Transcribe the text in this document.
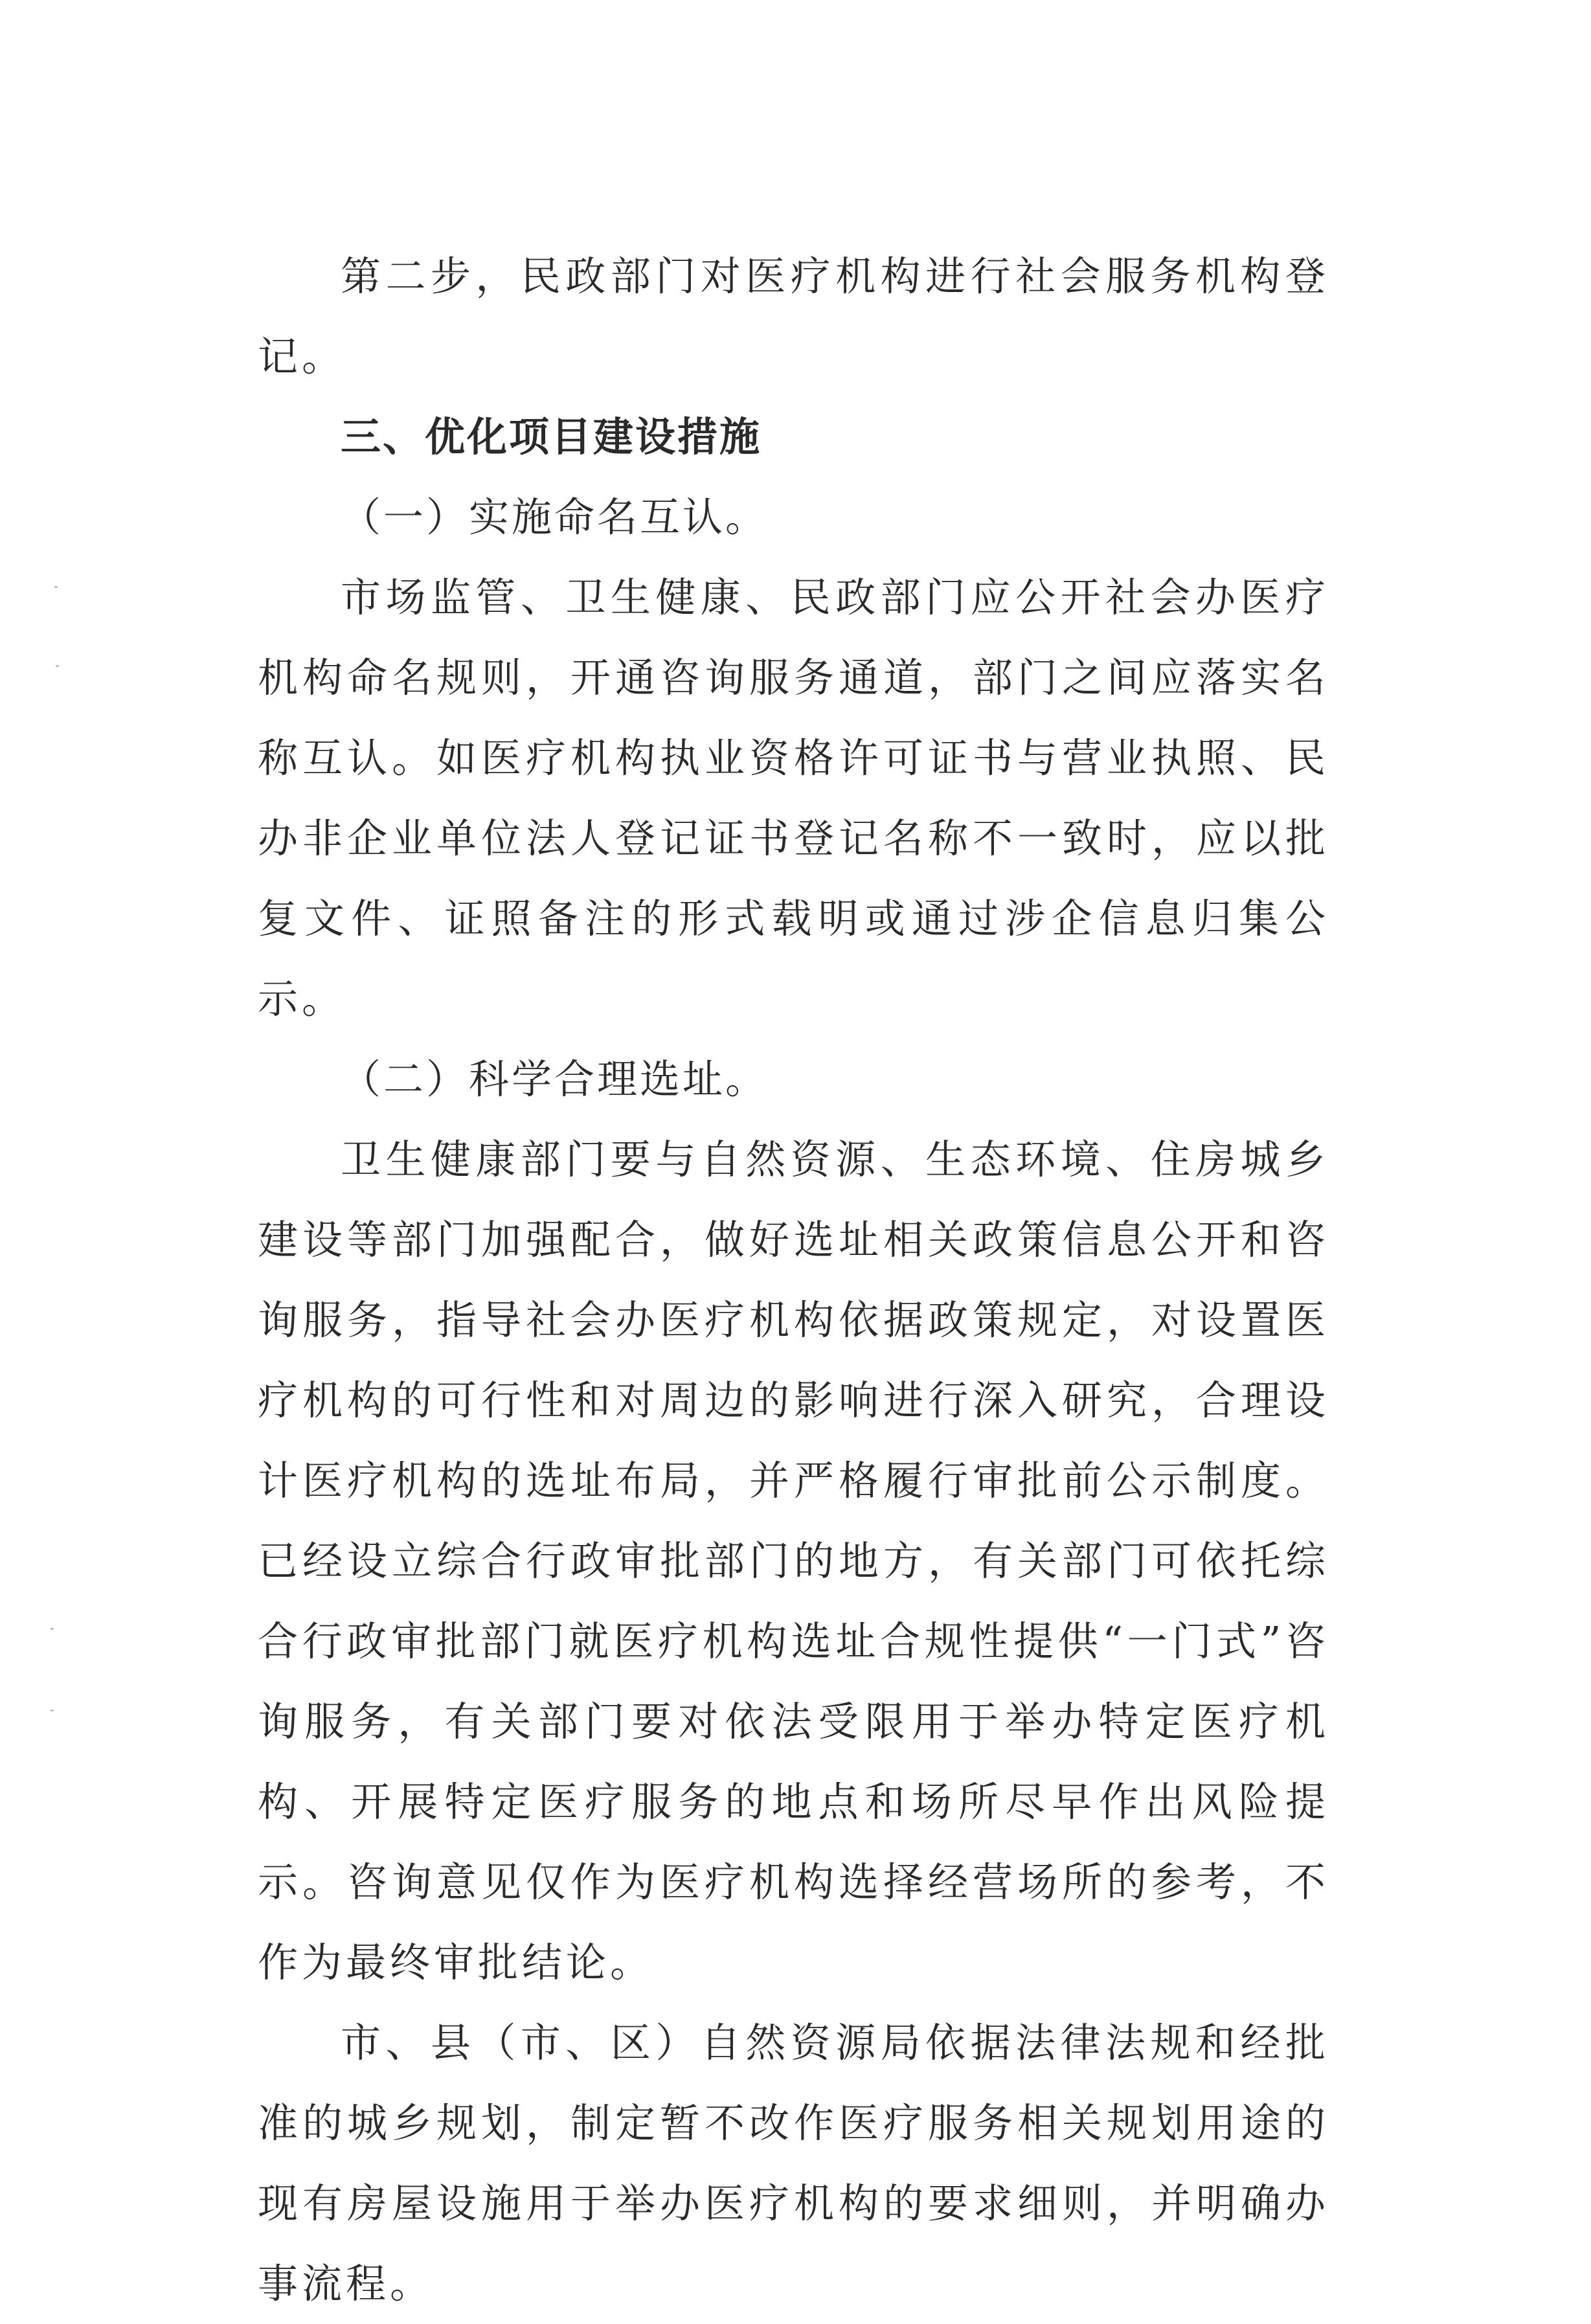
第二步，民政部门对医疗机构进行社会服务机构登记。

三、优化项目建设措施

（一）实施命名互认。

市场监管、卫生健康、民政部门应公开社会办医疗机构命名规则，开通咨询服务通道，部门之间应落实名称互认。如医疗机构执业资格许可证书与营业执照、民办非企业单位法人登记证书登记名称不一致时，应以批复文件、证照备注的形式载明或通过涉企信息归集公示。

（二）科学合理选址。

卫生健康部门要与自然资源、生态环境、住房城乡建设等部门加强配合，做好选址相关政策信息公开和咨询服务，指导社会办医疗机构依据政策规定，对设置医疗机构的可行性和对周边的影响进行深入研究，合理设计医疗机构的选址布局，并严格履行审批前公示制度。已经设立综合行政审批部门的地方，有关部门可依托综合行政审批部门就医疗机构选址合规性提供“一门式”咨询服务，有关部门要对依法受限用于举办特定医疗机构、开展特定医疗服务的地点和场所尽早作出风险提示。咨询意见仅作为医疗机构选择经营场所的参考，不作为最终审批结论。

市、县（市、区）自然资源局依据法律法规和经批准的城乡规划，制定暂不改作医疗服务相关规划用途的现有房屋设施用于举办医疗机构的要求细则，并明确办事流程。
